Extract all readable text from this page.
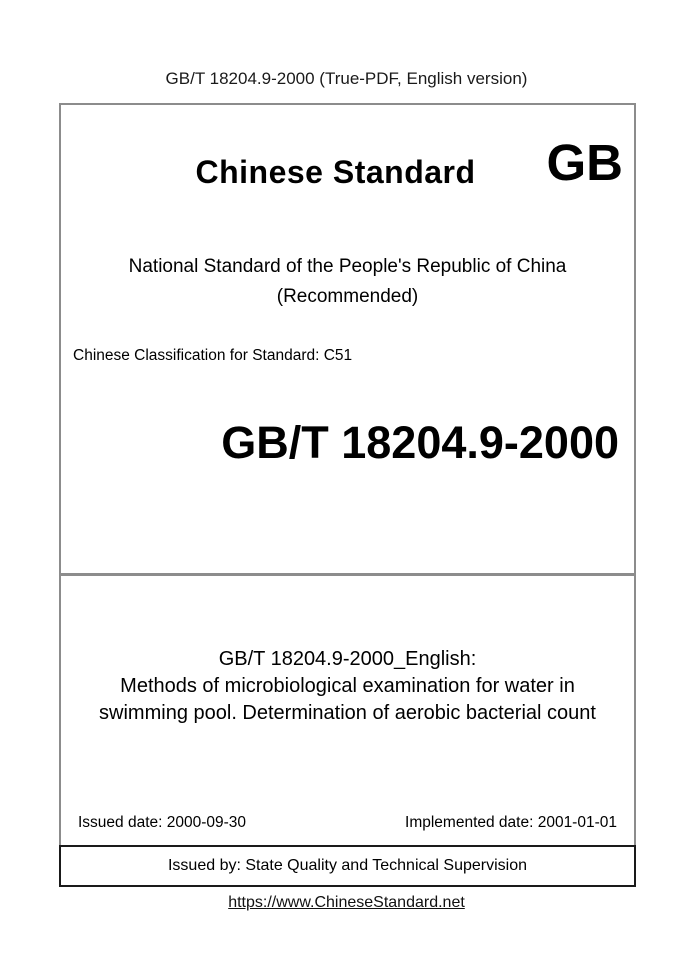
GB/T 18204.9-2000 (True-PDF, English version)
Chinese Standard	GB
National Standard of the People's Republic of China
(Recommended)
Chinese Classification for Standard: C51
GB/T 18204.9-2000
GB/T 18204.9-2000_English:
Methods of microbiological examination for water in
swimming pool. Determination of aerobic bacterial count
Issued date: 2000-09-30	Implemented date: 2001-01-01
Issued by: State Quality and Technical Supervision
https://www.ChineseStandard.net
